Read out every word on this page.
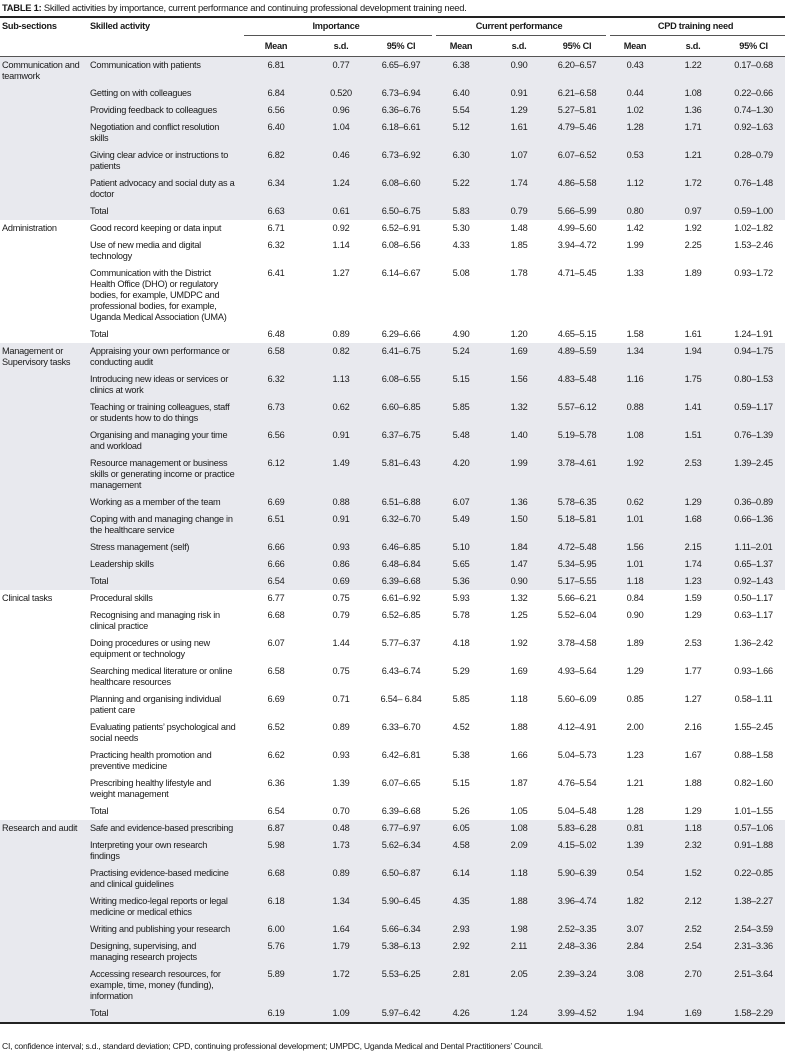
TABLE 1: Skilled activities by importance, current performance and continuing professional development training need.
Sub-sections	Skilled activity	Importance			Current performance			CPD training need		
		Mean	s.d.	95% CI	Mean	s.d.	95% CI	Mean	s.d.	95% CI
Communication and teamwork	Communication with patients	6.81	0.77	6.65–6.97	6.38	0.90	6.20–6.57	0.43	1.22	0.17–0.68
	Getting on with colleagues	6.84	0.520	6.73–6.94	6.40	0.91	6.21–6.58	0.44	1.08	0.22–0.66
	Providing feedback to colleagues	6.56	0.96	6.36–6.76	5.54	1.29	5.27–5.81	1.02	1.36	0.74–1.30
	Negotiation and conflict resolution skills	6.40	1.04	6.18–6.61	5.12	1.61	4.79–5.46	1.28	1.71	0.92–1.63
	Giving clear advice or instructions to patients	6.82	0.46	6.73–6.92	6.30	1.07	6.07–6.52	0.53	1.21	0.28–0.79
	Patient advocacy and social duty as a doctor	6.34	1.24	6.08–6.60	5.22	1.74	4.86–5.58	1.12	1.72	0.76–1.48
	Total	6.63	0.61	6.50–6.75	5.83	0.79	5.66–5.99	0.80	0.97	0.59–1.00
Administration	Good record keeping or data input	6.71	0.92	6.52–6.91	5.30	1.48	4.99–5.60	1.42	1.92	1.02–1.82
	Use of new media and digital technology	6.32	1.14	6.08–6.56	4.33	1.85	3.94–4.72	1.99	2.25	1.53–2.46
	Communication with the District Health Office (DHO) or regulatory bodies, for example, UMDPC and professional bodies, for example, Uganda Medical Association (UMA)	6.41	1.27	6.14–6.67	5.08	1.78	4.71–5.45	1.33	1.89	0.93–1.72
	Total	6.48	0.89	6.29–6.66	4.90	1.20	4.65–5.15	1.58	1.61	1.24–1.91
Management or Supervisory tasks	Appraising your own performance or conducting audit	6.58	0.82	6.41–6.75	5.24	1.69	4.89–5.59	1.34	1.94	0.94–1.75
	Introducing new ideas or services or clinics at work	6.32	1.13	6.08–6.55	5.15	1.56	4.83–5.48	1.16	1.75	0.80–1.53
	Teaching or training colleagues, staff or students how to do things	6.73	0.62	6.60–6.85	5.85	1.32	5.57–6.12	0.88	1.41	0.59–1.17
	Organising and managing your time and workload	6.56	0.91	6.37–6.75	5.48	1.40	5.19–5.78	1.08	1.51	0.76–1.39
	Resource management or business skills or generating income or practice management	6.12	1.49	5.81–6.43	4.20	1.99	3.78–4.61	1.92	2.53	1.39–2.45
	Working as a member of the team	6.69	0.88	6.51–6.88	6.07	1.36	5.78–6.35	0.62	1.29	0.36–0.89
	Coping with and managing change in the healthcare service	6.51	0.91	6.32–6.70	5.49	1.50	5.18–5.81	1.01	1.68	0.66–1.36
	Stress management (self)	6.66	0.93	6.46–6.85	5.10	1.84	4.72–5.48	1.56	2.15	1.11–2.01
	Leadership skills	6.66	0.86	6.48–6.84	5.65	1.47	5.34–5.95	1.01	1.74	0.65–1.37
	Total	6.54	0.69	6.39–6.68	5.36	0.90	5.17–5.55	1.18	1.23	0.92–1.43
Clinical tasks	Procedural skills	6.77	0.75	6.61–6.92	5.93	1.32	5.66–6.21	0.84	1.59	0.50–1.17
	Recognising and managing risk in clinical practice	6.68	0.79	6.52–6.85	5.78	1.25	5.52–6.04	0.90	1.29	0.63–1.17
	Doing procedures or using new equipment or technology	6.07	1.44	5.77–6.37	4.18	1.92	3.78–4.58	1.89	2.53	1.36–2.42
	Searching medical literature or online healthcare resources	6.58	0.75	6.43–6.74	5.29	1.69	4.93–5.64	1.29	1.77	0.93–1.66
	Planning and organising individual patient care	6.69	0.71	6.54– 6.84	5.85	1.18	5.60–6.09	0.85	1.27	0.58–1.11
	Evaluating patients’ psychological and social needs	6.52	0.89	6.33–6.70	4.52	1.88	4.12–4.91	2.00	2.16	1.55–2.45
	Practicing health promotion and preventive medicine	6.62	0.93	6.42–6.81	5.38	1.66	5.04–5.73	1.23	1.67	0.88–1.58
	Prescribing healthy lifestyle and weight management	6.36	1.39	6.07–6.65	5.15	1.87	4.76–5.54	1.21	1.88	0.82–1.60
	Total	6.54	0.70	6.39–6.68	5.26	1.05	5.04–5.48	1.28	1.29	1.01–1.55
Research and audit	Safe and evidence-based prescribing	6.87	0.48	6.77–6.97	6.05	1.08	5.83–6.28	0.81	1.18	0.57–1.06
	Interpreting your own research findings	5.98	1.73	5.62–6.34	4.58	2.09	4.15–5.02	1.39	2.32	0.91–1.88
	Practising evidence-based medicine and clinical guidelines	6.68	0.89	6.50–6.87	6.14	1.18	5.90–6.39	0.54	1.52	0.22–0.85
	Writing medico-legal reports or legal medicine or medical ethics	6.18	1.34	5.90–6.45	4.35	1.88	3.96–4.74	1.82	2.12	1.38–2.27
	Writing and publishing your research	6.00	1.64	5.66–6.34	2.93	1.98	2.52–3.35	3.07	2.52	2.54–3.59
	Designing, supervising, and managing research projects	5.76	1.79	5.38–6.13	2.92	2.11	2.48–3.36	2.84	2.54	2.31–3.36
	Accessing research resources, for example, time, money (funding), information	5.89	1.72	5.53–6.25	2.81	2.05	2.39–3.24	3.08	2.70	2.51–3.64
	Total	6.19	1.09	5.97–6.42	4.26	1.24	3.99–4.52	1.94	1.69	1.58–2.29
CI, confidence interval; s.d., standard deviation; CPD, continuing professional development; UMPDC, Uganda Medical and Dental Practitioners’ Council.
